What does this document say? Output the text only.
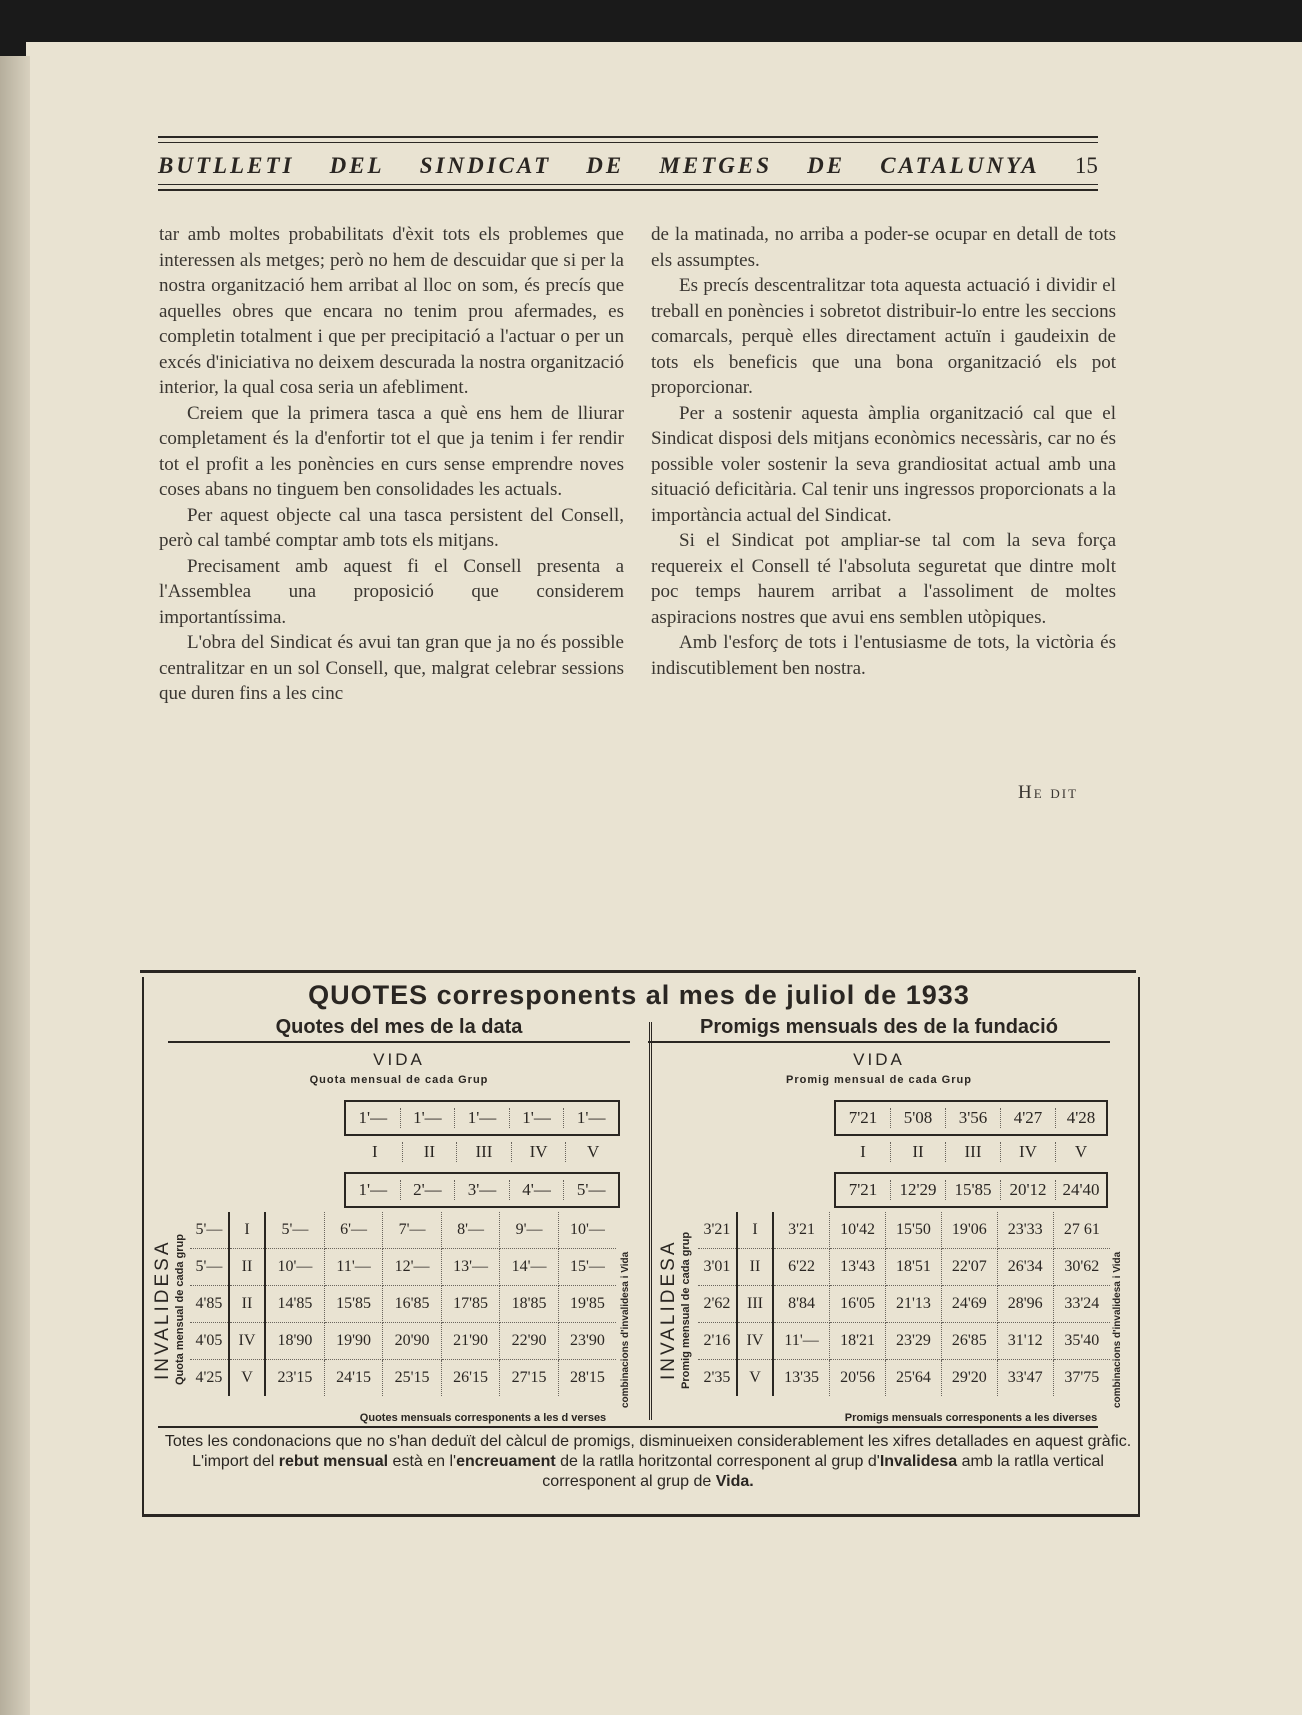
BUTLLETI DEL SINDICAT DE METGES DE CATALUNYA 15

tar amb moltes probabilitats d'èxit tots els problemes que interessen als metges; però no hem de descuidar que si per la nostra organització hem arribat al lloc on som, és precís que aquelles obres que encara no tenim prou afermades, es completin totalment i que per precipitació a l'actuar o per un excés d'iniciativa no deixem descurada la nostra organització interior, la qual cosa seria un afebliment.

Creiem que la primera tasca a què ens hem de lliurar completament és la d'enfortir tot el que ja tenim i fer rendir tot el profit a les ponències en curs sense emprendre noves coses abans no tinguem ben consolidades les actuals.

Per aquest objecte cal una tasca persistent del Consell, però cal també comptar amb tots els mitjans.

Precisament amb aquest fi el Consell presenta a l'Assemblea una proposició que considerem importantíssima.

L'obra del Sindicat és avui tan gran que ja no és possible centralitzar en un sol Consell, que, malgrat celebrar sessions que duren fins a les cinc

de la matinada, no arriba a poder-se ocupar en detall de tots els assumptes.

Es precís descentralitzar tota aquesta actuació i dividir el treball en ponències i sobretot distribuir-lo entre les seccions comarcals, perquè elles directament actuïn i gaudeixin de tots els beneficis que una bona organització els pot proporcionar.

Per a sostenir aquesta àmplia organització cal que el Sindicat disposi dels mitjans econòmics necessàris, car no és possible voler sostenir la seva grandiositat actual amb una situació deficitària. Cal tenir uns ingressos proporcionats a la importància actual del Sindicat.

Si el Sindicat pot ampliar-se tal com la seva força requereix el Consell té l'absoluta seguretat que dintre molt poc temps haurem arribat a l'assoliment de moltes aspiracions nostres que avui ens semblen utòpiques.

Amb l'esforç de tots i l'entusiasme de tots, la victòria és indiscutiblement ben nostra.

He dit
QUOTES corresponents al mes de juliol de 1933
Quotes del mes de la data
VIDA
Quota mensual de cada Grup
1'—	1'—	1'—	1'—	1'—
I	II	III	IV	V
1'—	2'—	3'—	4'—	5'—
INVALIDESA Quota mensual de cada grup
5'—	I	5'—	6'—	7'—	8'—	9'—	10'—
5'—	II	10'—	11'—	12'—	13'—	14'—	15'—
4'85	II	14'85	15'85	16'85	17'85	18'85	19'85
4'05	IV	18'90	19'90	20'90	21'90	22'90	23'90
4'25	V	23'15	24'15	25'15	26'15	27'15	28'15 combinacions d'invalidesa i Vida
Quotes mensuals corresponents a les d verses
Promigs mensuals des de la fundació
VIDA
Promig mensual de cada Grup
7'21	5'08	3'56	4'27	4'28
I	II	III	IV	V
7'21	12'29	15'85	20'12 24'40
INVALIDESA Promig mensual de cada grup
3'21	I	3'21	10'42	15'50	19'06	23'33	27 61
3'01	II	6'22	13'43	18'51	22'07	26'34	30'62
2'62	III	8'84	16'05	21'13	24'69	28'96	33'24
2'16	IV	11'—	18'21	23'29	26'85	31'12	35'40
2'35	V	13'35	20'56	25'64	29'20	33'47	37'75 combinacions d'invalidesa i Vida
Promigs mensuals corresponents a les diverses

Totes les condonacions que no s'han deduït del càlcul de promigs, disminueixen considerablement les xifres detallades en aquest gràfic.

L'import del rebut mensual està en l'encreuament de la ratlla horitzontal corresponent al grup d'Invalidesa amb la ratlla vertical corresponent al grup de Vida.
